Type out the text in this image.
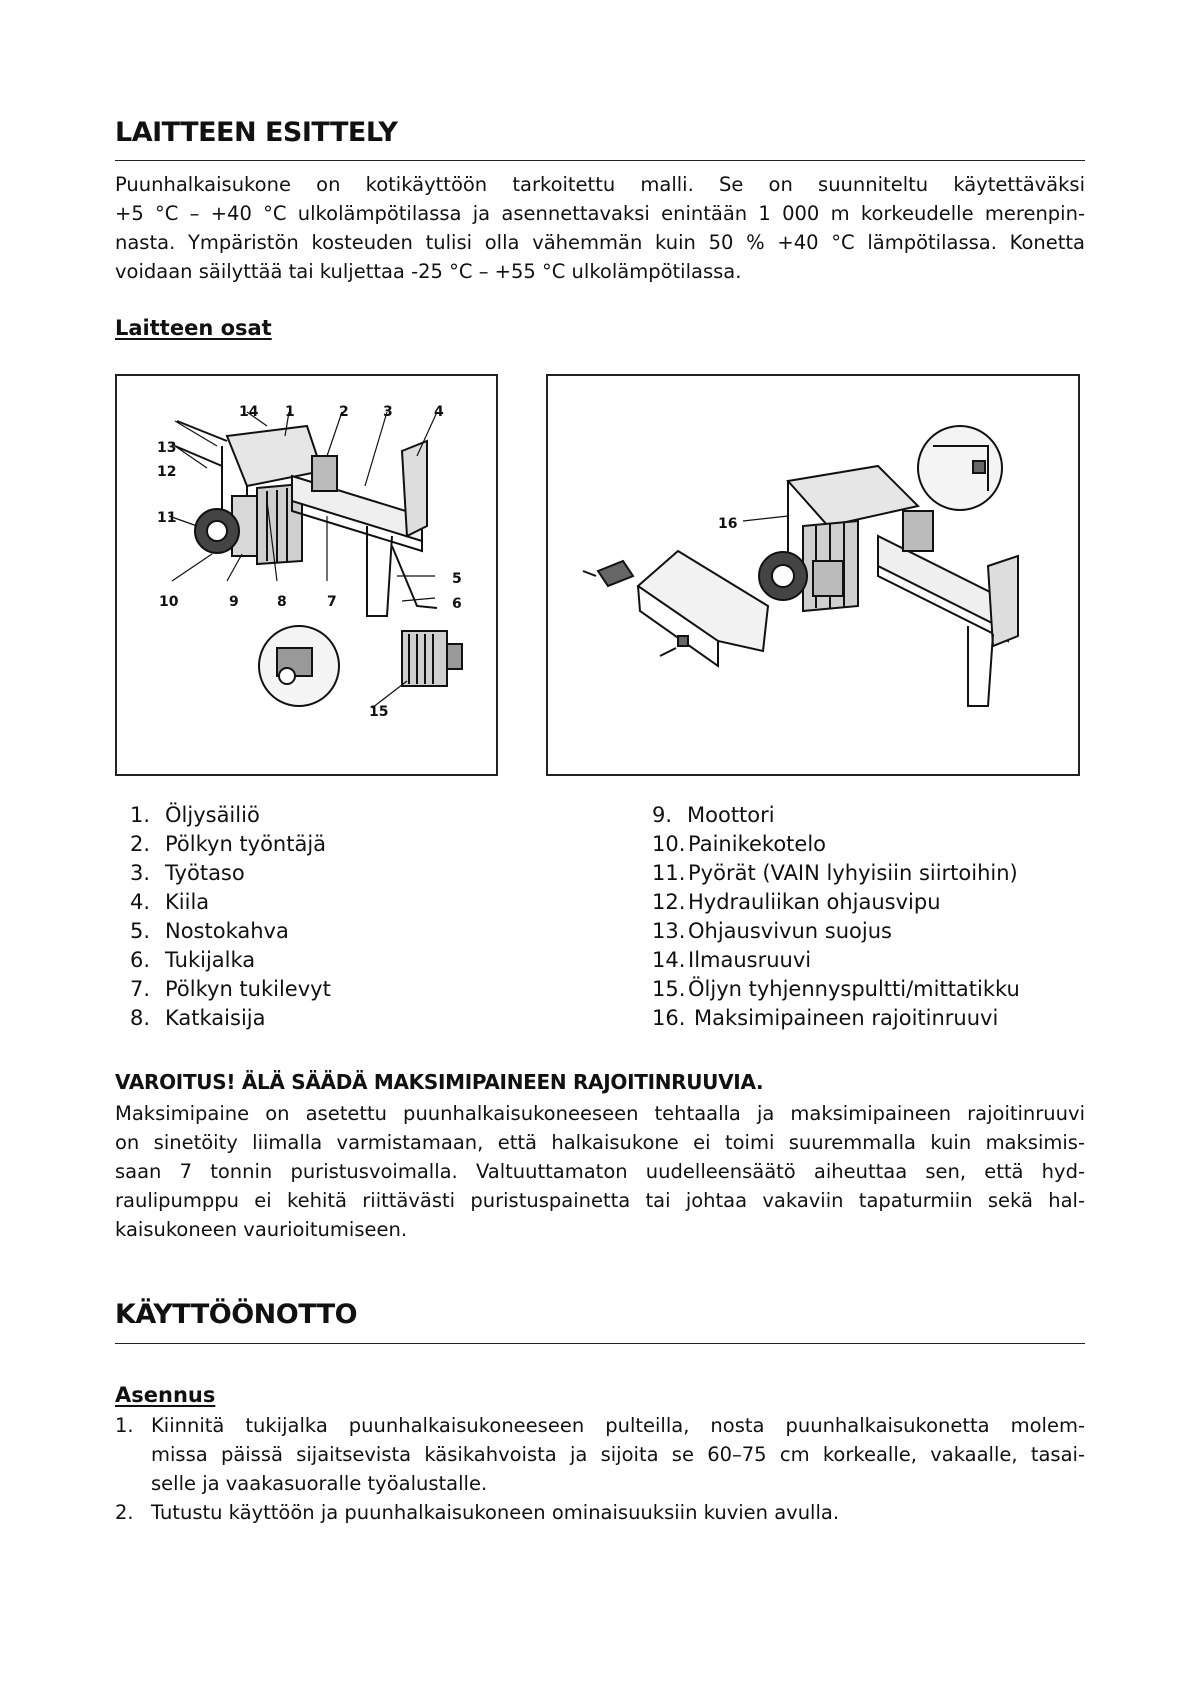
LAITTEEN ESITTELY
Puunhalkaisukone on kotikäyttöön tarkoitettu malli. Se on suunniteltu käytettäväksi
+5 °C – +40 °C ulkolämpötilassa ja asennettavaksi enintään 1 000 m korkeudelle merenpin-
nasta. Ympäristön kosteuden tulisi olla vähemmän kuin 50 % +40 °C lämpötilassa. Konetta
voidaan säilyttää tai kuljettaa -25 °C – +55 °C ulkolämpötilassa.
Laitteen osat
14 1	2 3	4
13
12
11
10	9	8	7
5
6
15
16
1. Öljysäiliö
2. Pölkyn työntäjä
3. Työtaso
4. Kiila
5. Nostokahva
6. Tukijalka
7. Pölkyn tukilevyt
8. Katkaisija
9. Moottori
10. Painikekotelo
11. Pyörät (VAIN lyhyisiin siirtoihin)
12. Hydrauliikan ohjausvipu
13. Ohjausvivun suojus
14. Ilmausruuvi
15. Öljyn tyhjennyspultti/mittatikku
16. Maksimipaineen rajoitinruuvi
VAROITUS! ÄLÄ SÄÄDÄ MAKSIMIPAINEEN RAJOITINRUUVIA.
Maksimipaine on asetettu puunhalkaisukoneeseen tehtaalla ja maksimipaineen rajoitinruuvi
on sinetöity liimalla varmistamaan, että halkaisukone ei toimi suuremmalla kuin maksimis-
saan 7 tonnin puristusvoimalla. Valtuuttamaton uudelleensäätö aiheuttaa sen, että hyd-
raulipumppu ei kehitä riittävästi puristuspainetta tai johtaa vakaviin tapaturmiin sekä hal-
kaisukoneen vaurioitumiseen.
KÄYTTÖÖNOTTO
Asennus
1. Kiinnitä tukijalka puunhalkaisukoneeseen pulteilla, nosta puunhalkaisukonetta molem-
missa päissä sijaitsevista käsikahvoista ja sijoita se 60–75 cm korkealle, vakaalle, tasai-
selle ja vaakasuoralle työalustalle.
2. Tutustu käyttöön ja puunhalkaisukoneen ominaisuuksiin kuvien avulla.
